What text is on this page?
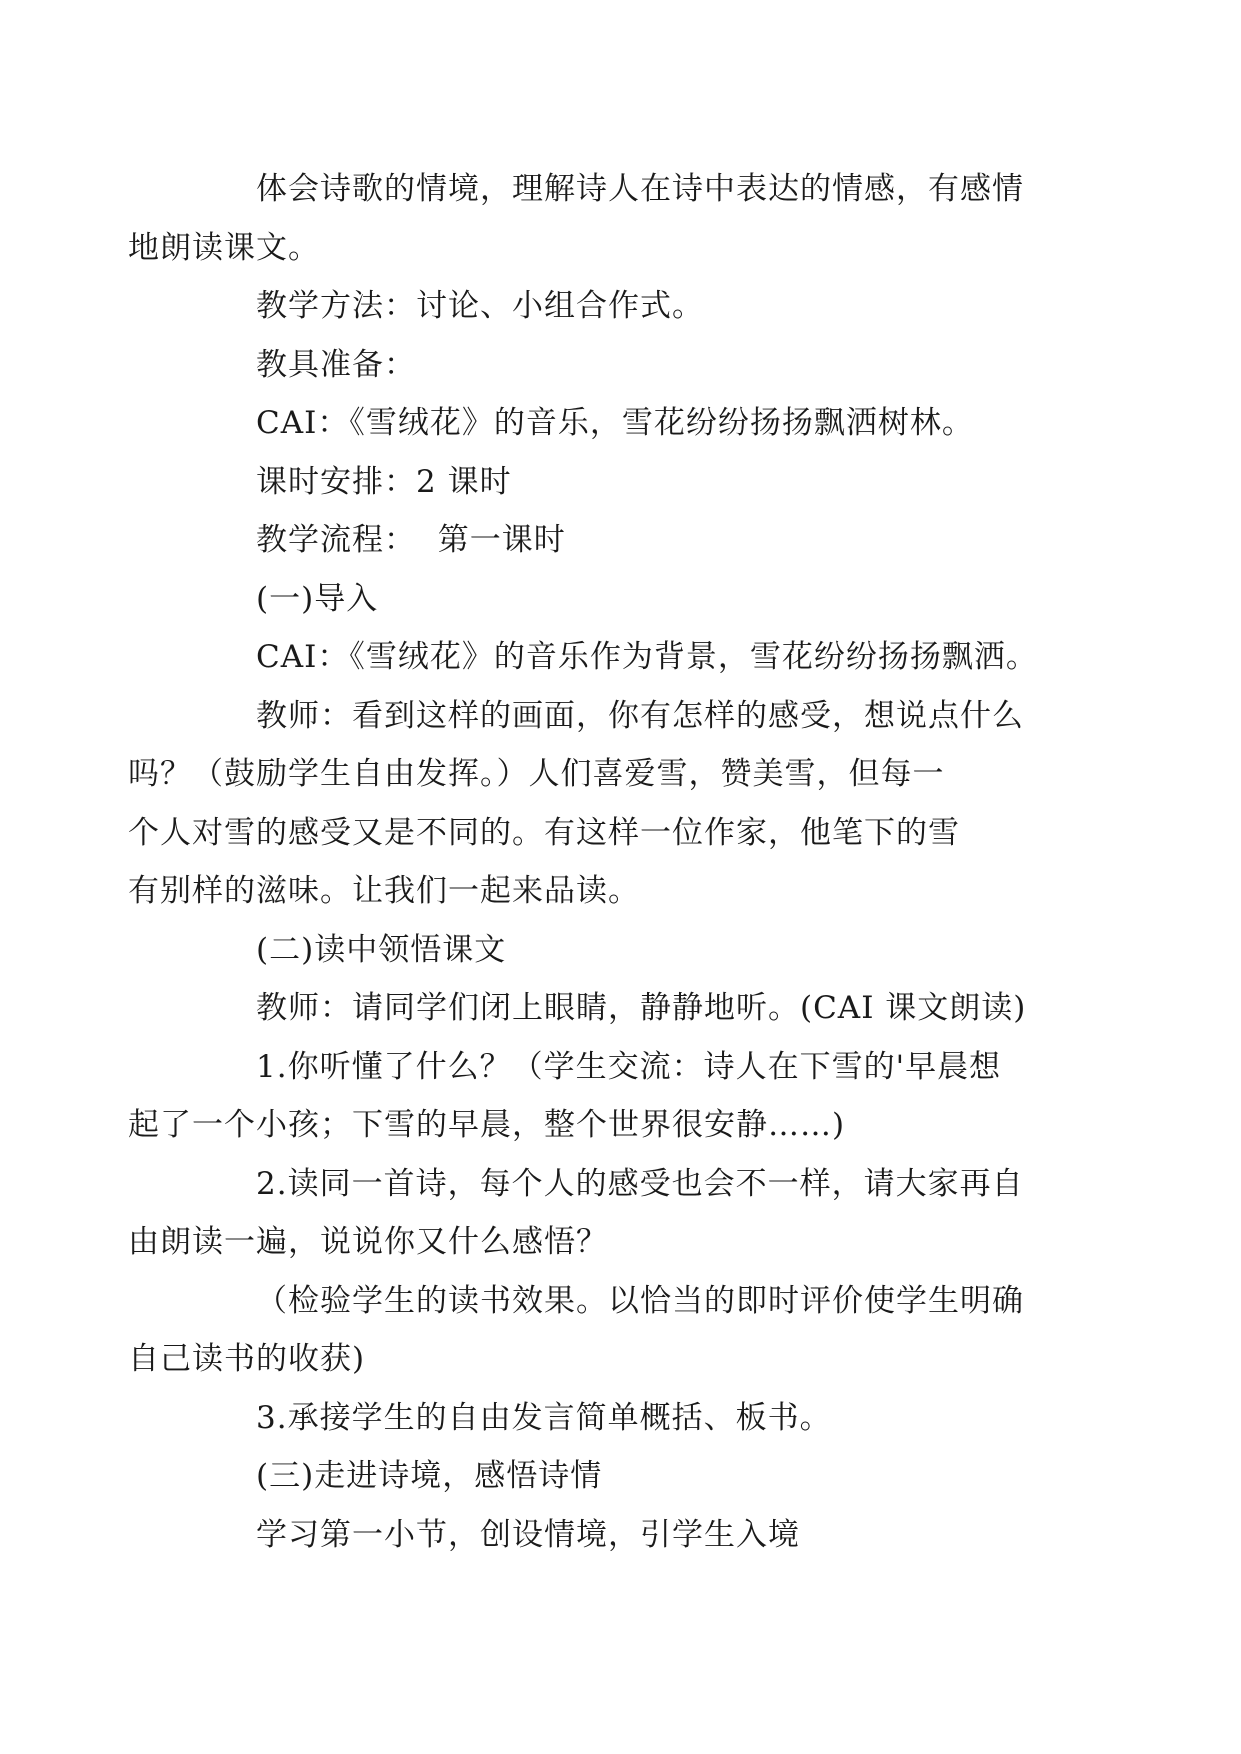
体会诗歌的情境，理解诗人在诗中表达的情感，有感情
地朗读课文。

教学方法：讨论、小组合作式。

教具准备：

CAI：《雪绒花》的音乐，雪花纷纷扬扬飘洒树林。

课时安排：2 课时

教学流程：  第一课时

(一)导入

CAI：《雪绒花》的音乐作为背景，雪花纷纷扬扬飘洒。

教师：看到这样的画面，你有怎样的感受，想说点什么
吗？（鼓励学生自由发挥。）人们喜爱雪，赞美雪，但每一
个人对雪的感受又是不同的。有这样一位作家，他笔下的雪
有别样的滋味。让我们一起来品读。

(二)读中领悟课文

教师：请同学们闭上眼睛，静静地听。(CAI 课文朗读)

1.你听懂了什么？（学生交流：诗人在下雪的'早晨想
起了一个小孩；下雪的早晨，整个世界很安静……)

2.读同一首诗，每个人的感受也会不一样，请大家再自
由朗读一遍，说说你又什么感悟？

（检验学生的读书效果。以恰当的即时评价使学生明确
自己读书的收获)

3.承接学生的自由发言简单概括、板书。

(三)走进诗境，感悟诗情

学习第一小节，创设情境，引学生入境
